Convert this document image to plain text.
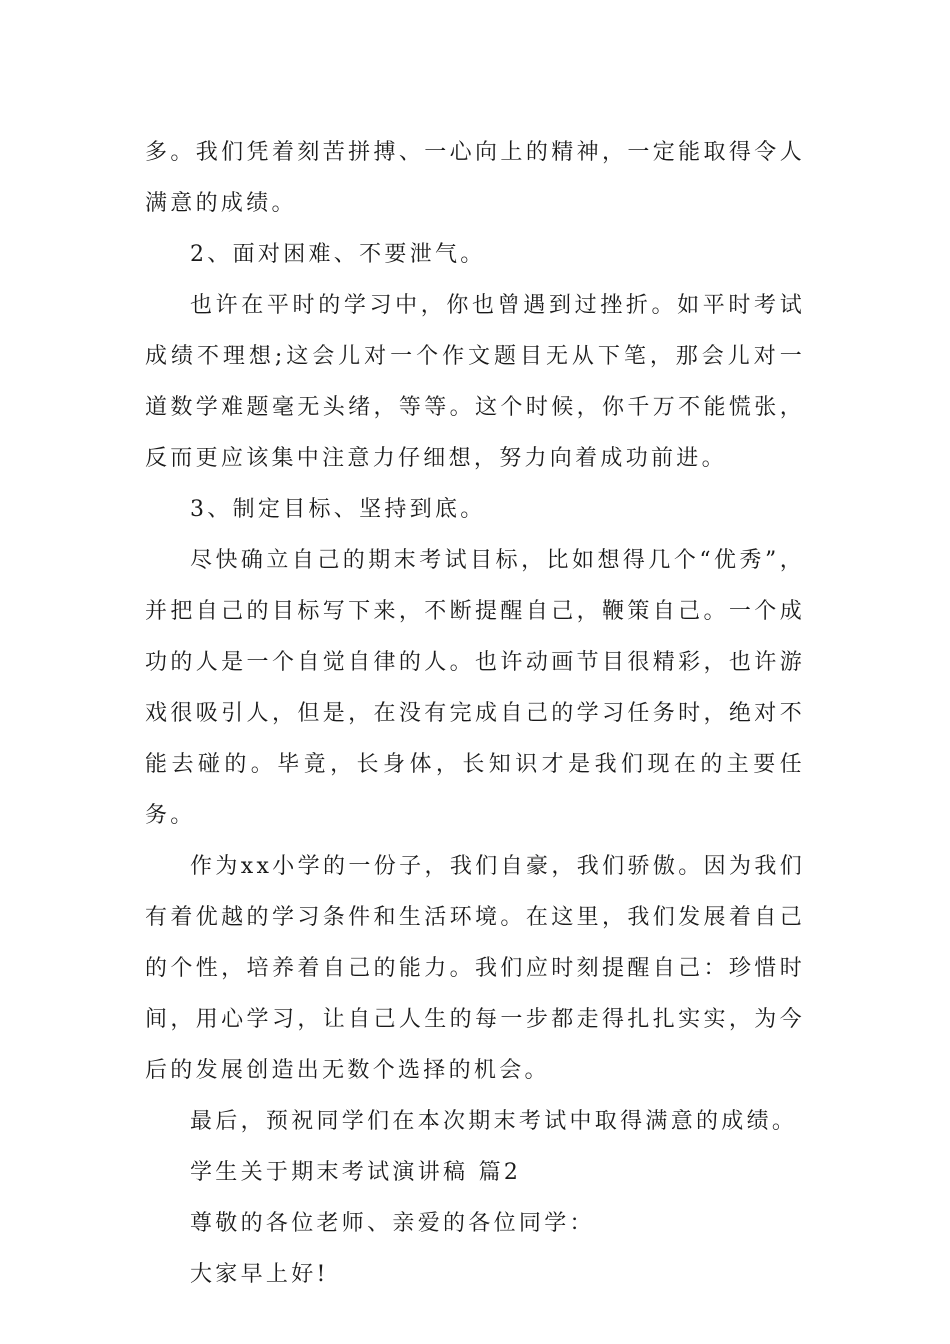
多。我们凭着刻苦拼搏、一心向上的精神，一定能取得令人满意的成绩。

2、面对困难、不要泄气。

也许在平时的学习中，你也曾遇到过挫折。如平时考试成绩不理想;这会儿对一个作文题目无从下笔，那会儿对一道数学难题毫无头绪，等等。这个时候，你千万不能慌张，反而更应该集中注意力仔细想，努力向着成功前进。

3、制定目标、坚持到底。

尽快确立自己的期末考试目标，比如想得几个“优秀”，并把自己的目标写下来，不断提醒自己，鞭策自己。一个成功的人是一个自觉自律的人。也许动画节目很精彩，也许游戏很吸引人，但是，在没有完成自己的学习任务时，绝对不能去碰的。毕竟，长身体，长知识才是我们现在的主要任务。

作为xx小学的一份子，我们自豪，我们骄傲。因为我们有着优越的学习条件和生活环境。在这里，我们发展着自己的个性，培养着自己的能力。我们应时刻提醒自己：珍惜时间，用心学习，让自己人生的每一步都走得扎扎实实，为今后的发展创造出无数个选择的机会。

最后，预祝同学们在本次期末考试中取得满意的成绩。

学生关于期末考试演讲稿 篇2

尊敬的各位老师、亲爱的各位同学：

大家早上好!
